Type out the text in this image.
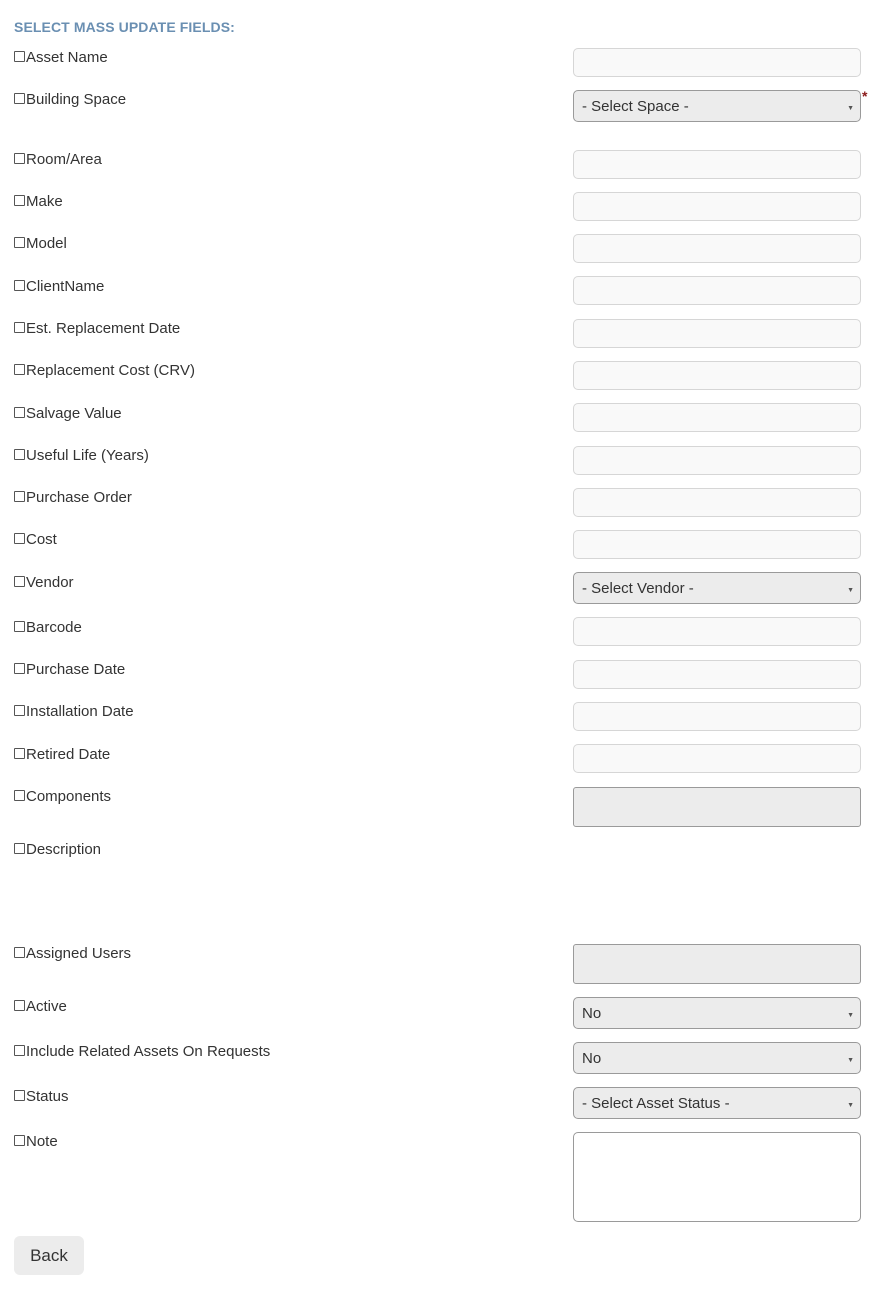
SELECT MASS UPDATE FIELDS:
Asset Name
Building Space	- Select Space -	▼
*
Room/Area
Make
Model
ClientName
Est. Replacement Date
Replacement Cost (CRV)
Salvage Value
Useful Life (Years)
Purchase Order
Cost
Vendor	- Select Vendor -	▼
Barcode
Purchase Date
Installation Date
Retired Date
Components
Description
Assigned Users
Active	No	▼
Include Related Assets On Requests	No	▼
Status	- Select Asset Status -	▼
Note
Back
